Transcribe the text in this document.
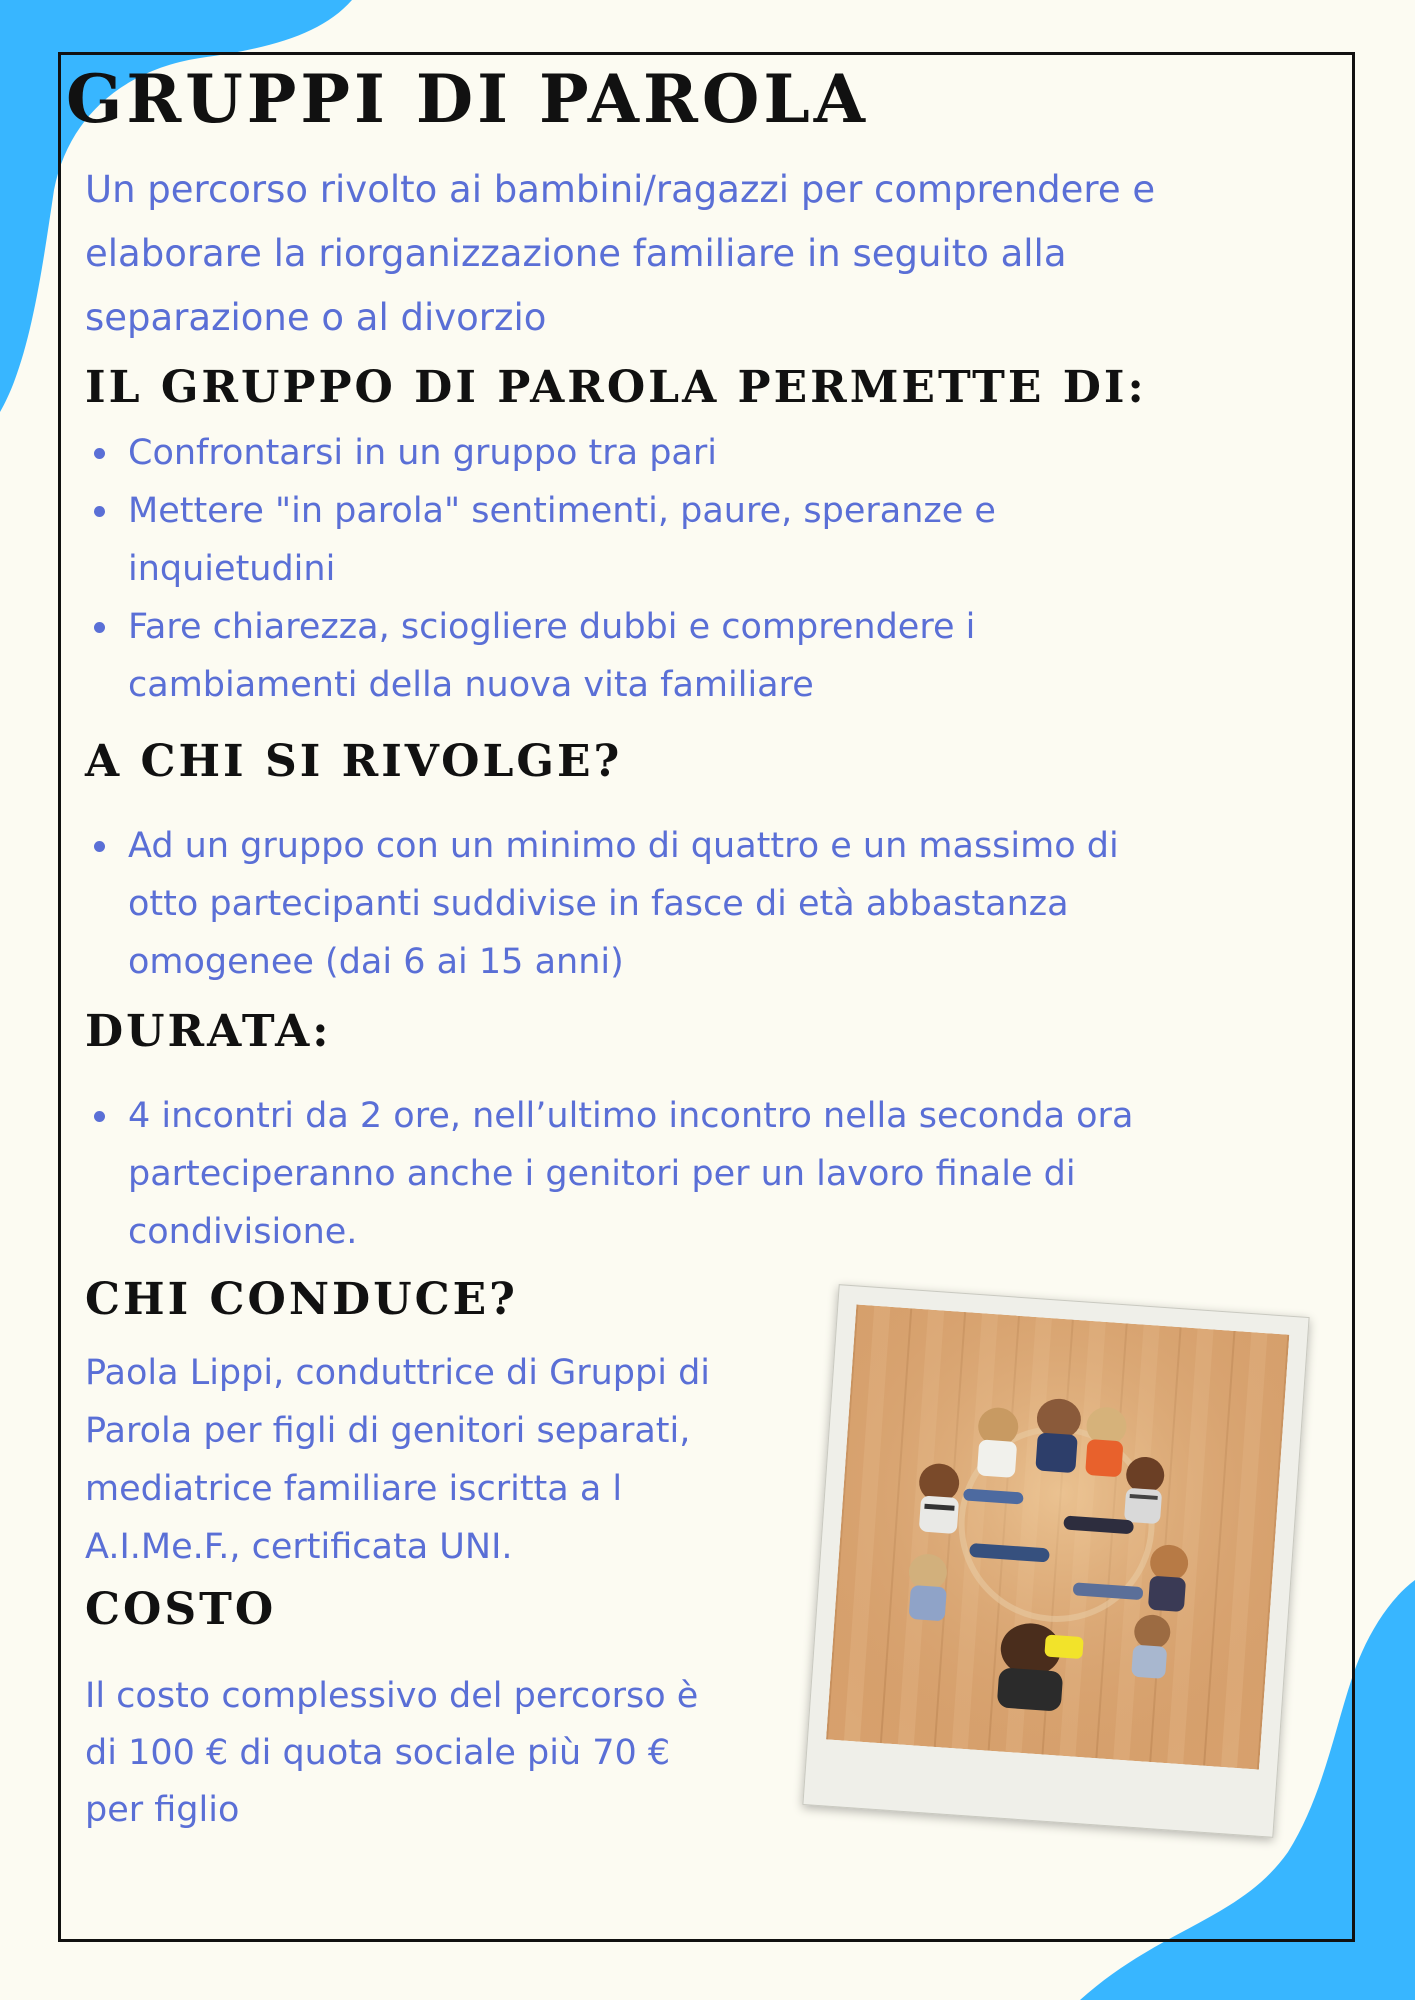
GRUPPI DI PAROLA

Un percorso rivolto ai bambini/ragazzi per comprendere e elaborare la riorganizzazione familiare in seguito alla separazione o al divorzio

IL GRUPPO DI PAROLA PERMETTE DI:
Confrontarsi in un gruppo tra pari
Mettere "in parola" sentimenti, paure, speranze e inquietudini
Fare chiarezza, sciogliere dubbi e comprendere i cambiamenti della nuova vita familiare
A CHI SI RIVOLGE?
Ad un gruppo con un minimo di quattro e un massimo di otto partecipanti suddivise in fasce di età abbastanza omogenee (dai 6 ai 15 anni)
DURATA:
4 incontri da 2 ore, nell’ultimo incontro nella seconda ora parteciperanno anche i genitori per un lavoro finale di condivisione.
CHI CONDUCE?

Paola Lippi, conduttrice di Gruppi di Parola per figli di genitori separati, mediatrice familiare iscritta a l A.I.Me.F., certificata UNI.

COSTO

Il costo complessivo del percorso è di 100 € di quota sociale più 70 € per figlio
